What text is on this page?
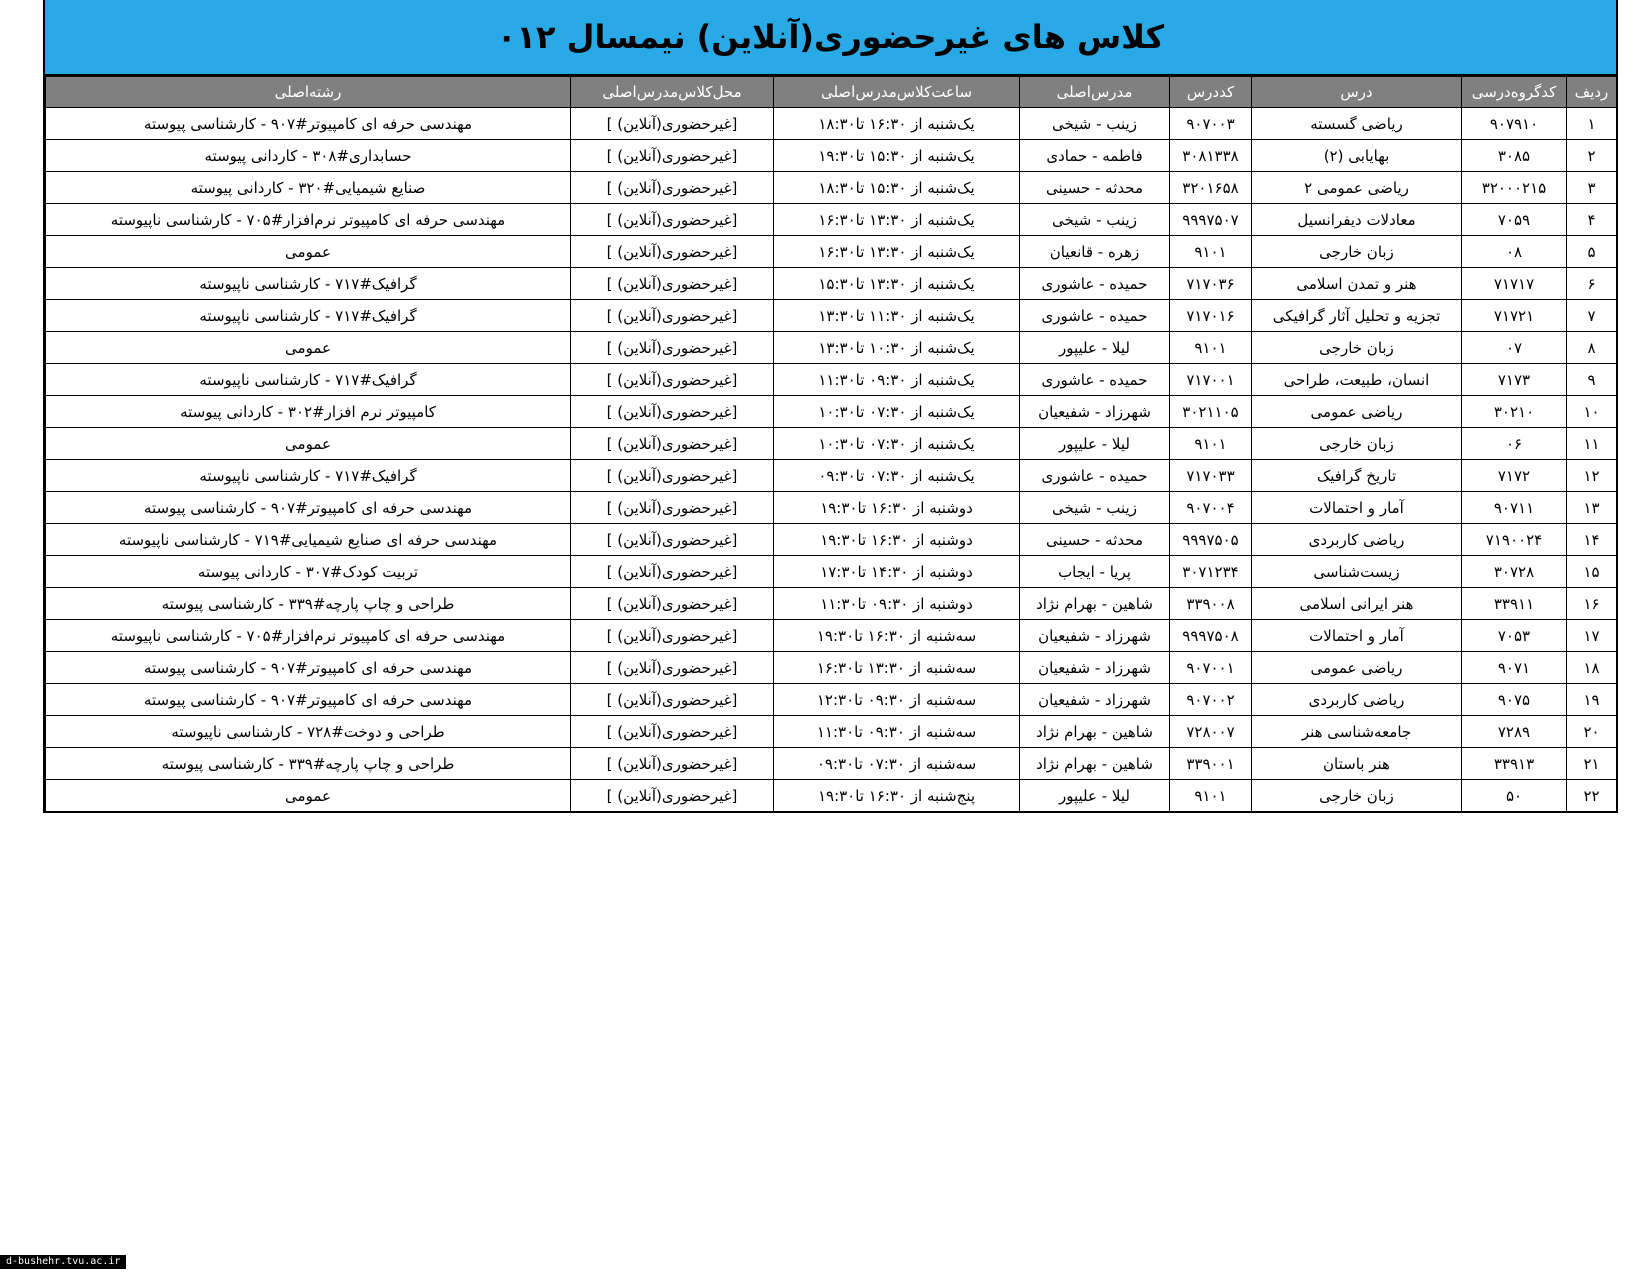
کلاس های غیرحضوری(آنلاین) نیمسال ۰۱۲
ردیف	کدگروه‌درسی	درس	کددرس	مدرس‌اصلی	ساعت‌کلاس‌مدرس‌اصلی	محل‌کلاس‌مدرس‌اصلی	رشته‌اصلی
۱	۹۰۷۹۱۰	ریاضی گسسته	۹۰۷۰۰۳	زینب - شیخی	یک‌شنبه از ۱۶:۳۰ تا۱۸:۳۰	[غیرحضوری(آنلاین) ]	مهندسی حرفه ای کامپیوتر#۹۰۷ - کارشناسی پیوسته
۲	۳۰۸۵	بهایابی (۲)	۳۰۸۱۳۳۸	فاطمه - حمادی	یک‌شنبه از ۱۵:۳۰ تا۱۹:۳۰	[غیرحضوری(آنلاین) ]	حسابداری#۳۰۸ - کاردانی پیوسته
۳	۳۲۰۰۰۲۱۵	ریاضی عمومی ۲	۳۲۰۱۶۵۸	محدثه - حسینی	یک‌شنبه از ۱۵:۳۰ تا۱۸:۳۰	[غیرحضوری(آنلاین) ]	صنایع شیمیایی#۳۲۰ - کاردانی پیوسته
۴	۷۰۵۹	معادلات دیفرانسیل	۹۹۹۷۵۰۷	زینب - شیخی	یک‌شنبه از ۱۳:۳۰ تا۱۶:۳۰	[غیرحضوری(آنلاین) ]	مهندسی حرفه ای کامپیوتر نرم‌افزار#۷۰۵ - کارشناسی ناپیوسته
۵	۰۸	زبان خارجی	۹۱۰۱	زهره - قانعیان	یک‌شنبه از ۱۳:۳۰ تا۱۶:۳۰	[غیرحضوری(آنلاین) ]	عمومی
۶	۷۱۷۱۷	هنر و تمدن اسلامی	۷۱۷۰۳۶	حمیده - عاشوری	یک‌شنبه از ۱۳:۳۰ تا۱۵:۳۰	[غیرحضوری(آنلاین) ]	گرافیک#۷۱۷ - کارشناسی ناپیوسته
۷	۷۱۷۲۱	تجزیه و تحلیل آثار گرافیکی	۷۱۷۰۱۶	حمیده - عاشوری	یک‌شنبه از ۱۱:۳۰ تا۱۳:۳۰	[غیرحضوری(آنلاین) ]	گرافیک#۷۱۷ - کارشناسی ناپیوسته
۸	۰۷	زبان خارجی	۹۱۰۱	لیلا - علیپور	یک‌شنبه از ۱۰:۳۰ تا۱۳:۳۰	[غیرحضوری(آنلاین) ]	عمومی
۹	۷۱۷۳	انسان، طبیعت، طراحی	۷۱۷۰۰۱	حمیده - عاشوری	یک‌شنبه از ۰۹:۳۰ تا۱۱:۳۰	[غیرحضوری(آنلاین) ]	گرافیک#۷۱۷ - کارشناسی ناپیوسته
۱۰	۳۰۲۱۰	ریاضی عمومی	۳۰۲۱۱۰۵	شهرزاد - شفیعیان	یک‌شنبه از ۰۷:۳۰ تا۱۰:۳۰	[غیرحضوری(آنلاین) ]	کامپیوتر نرم افزار#۳۰۲ - کاردانی پیوسته
۱۱	۰۶	زبان خارجی	۹۱۰۱	لیلا - علیپور	یک‌شنبه از ۰۷:۳۰ تا۱۰:۳۰	[غیرحضوری(آنلاین) ]	عمومی
۱۲	۷۱۷۲	تاریخ گرافیک	۷۱۷۰۳۳	حمیده - عاشوری	یک‌شنبه از ۰۷:۳۰ تا۰۹:۳۰	[غیرحضوری(آنلاین) ]	گرافیک#۷۱۷ - کارشناسی ناپیوسته
۱۳	۹۰۷۱۱	آمار و احتمالات	۹۰۷۰۰۴	زینب - شیخی	دوشنبه از ۱۶:۳۰ تا۱۹:۳۰	[غیرحضوری(آنلاین) ]	مهندسی حرفه ای کامپیوتر#۹۰۷ - کارشناسی پیوسته
۱۴	۷۱۹۰۰۲۴	ریاضی کاربردی	۹۹۹۷۵۰۵	محدثه - حسینی	دوشنبه از ۱۶:۳۰ تا۱۹:۳۰	[غیرحضوری(آنلاین) ]	مهندسی حرفه ای صنایع شیمیایی#۷۱۹ - کارشناسی ناپیوسته
۱۵	۳۰۷۲۸	زیست‌شناسی	۳۰۷۱۲۳۴	پریا - ایجاب	دوشنبه از ۱۴:۳۰ تا۱۷:۳۰	[غیرحضوری(آنلاین) ]	تربیت کودک#۳۰۷ - کاردانی پیوسته
۱۶	۳۳۹۱۱	هنر ایرانی اسلامی	۳۳۹۰۰۸	شاهین - بهرام نژاد	دوشنبه از ۰۹:۳۰ تا۱۱:۳۰	[غیرحضوری(آنلاین) ]	طراحی و چاپ پارچه#۳۳۹ - کارشناسی پیوسته
۱۷	۷۰۵۳	آمار و احتمالات	۹۹۹۷۵۰۸	شهرزاد - شفیعیان	سه‌شنبه از ۱۶:۳۰ تا۱۹:۳۰	[غیرحضوری(آنلاین) ]	مهندسی حرفه ای کامپیوتر نرم‌افزار#۷۰۵ - کارشناسی ناپیوسته
۱۸	۹۰۷۱	ریاضی عمومی	۹۰۷۰۰۱	شهرزاد - شفیعیان	سه‌شنبه از ۱۳:۳۰ تا۱۶:۳۰	[غیرحضوری(آنلاین) ]	مهندسی حرفه ای کامپیوتر#۹۰۷ - کارشناسی پیوسته
۱۹	۹۰۷۵	ریاضی کاربردی	۹۰۷۰۰۲	شهرزاد - شفیعیان	سه‌شنبه از ۰۹:۳۰ تا۱۲:۳۰	[غیرحضوری(آنلاین) ]	مهندسی حرفه ای کامپیوتر#۹۰۷ - کارشناسی پیوسته
۲۰	۷۲۸۹	جامعه‌شناسی هنر	۷۲۸۰۰۷	شاهین - بهرام نژاد	سه‌شنبه از ۰۹:۳۰ تا۱۱:۳۰	[غیرحضوری(آنلاین) ]	طراحی و دوخت#۷۲۸ - کارشناسی ناپیوسته
۲۱	۳۳۹۱۳	هنر باستان	۳۳۹۰۰۱	شاهین - بهرام نژاد	سه‌شنبه از ۰۷:۳۰ تا۰۹:۳۰	[غیرحضوری(آنلاین) ]	طراحی و چاپ پارچه#۳۳۹ - کارشناسی پیوسته
۲۲	۵۰	زبان خارجی	۹۱۰۱	لیلا - علیپور	پنج‌شنبه از ۱۶:۳۰ تا۱۹:۳۰	[غیرحضوری(آنلاین) ]	عمومی
d-bushehr.tvu.ac.ir
